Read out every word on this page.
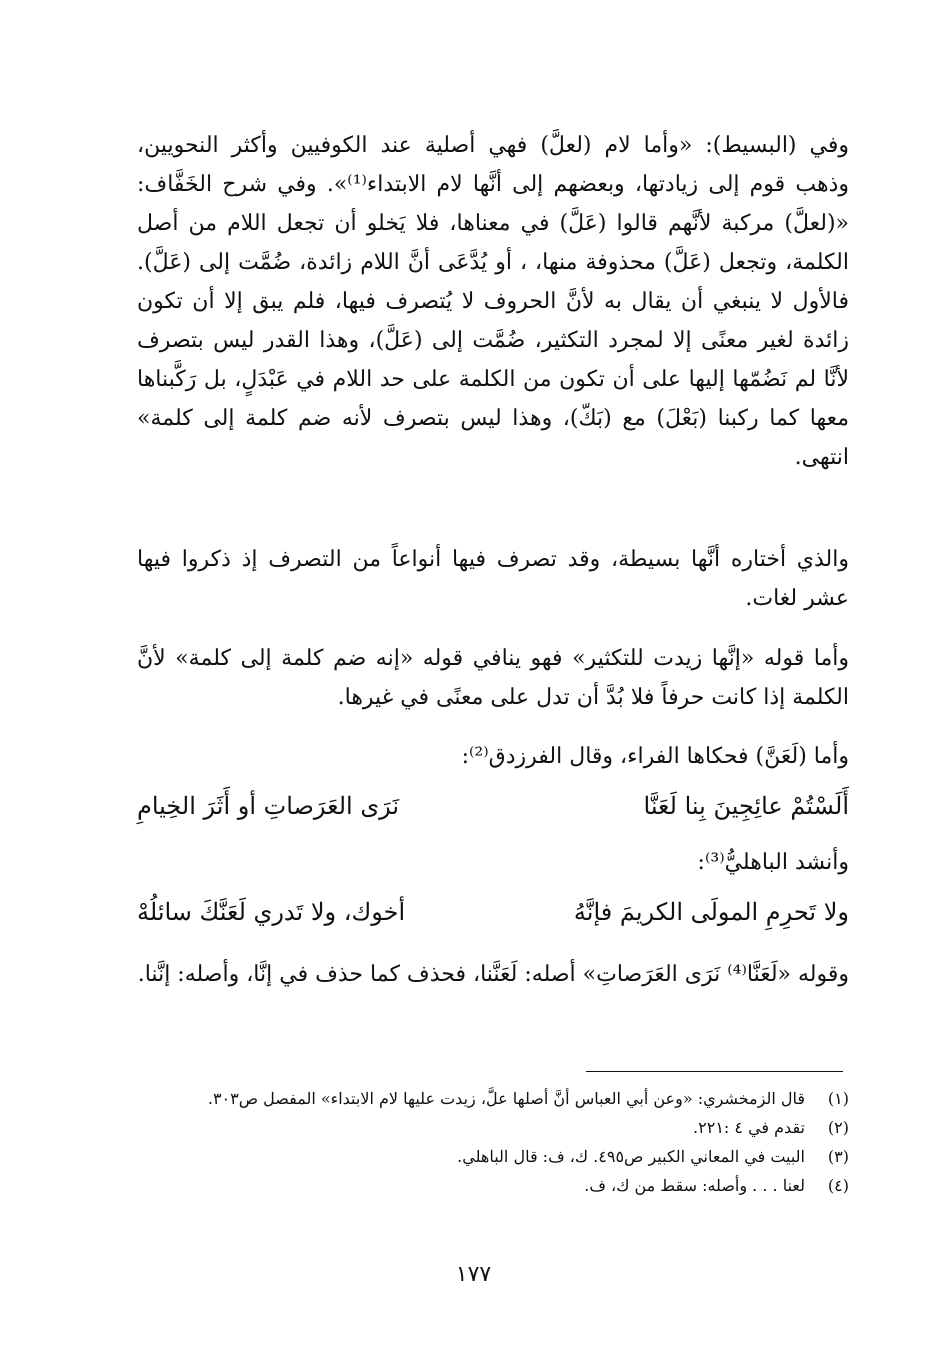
وفي (البسيط): «وأما لام (لعلَّ) فهي أصلية عند الكوفيين وأكثر النحويين، وذهب قوم إلى زيادتها، وبعضهم إلى أنَّها لام الابتداء⁽¹⁾». وفي شرح الخَفَّاف: «(لعلَّ) مركبة لأنَّهم قالوا (عَلَّ) في معناها، فلا يَخلو أن تجعل اللام من أصل الكلمة، وتجعل (عَلَّ) محذوفة منها، ، أو يُدَّعَى أنَّ اللام زائدة، ضُمَّت إلى (عَلَّ). فالأول لا ينبغي أن يقال به لأنَّ الحروف لا يُتصرف فيها، فلم يبق إلا أن تكون زائدة لغير معنًى إلا لمجرد التكثير، ضُمَّت إلى (عَلَّ)، وهذا القدر ليس بتصرف لأنَّا لم نَضُمّها إليها على أن تكون من الكلمة على حد اللام في عَبْدَلٍ، بل رَكَّبناها معها كما ركبنا (بَعْلَ) مع (بَكّ)، وهذا ليس بتصرف لأنه ضم كلمة إلى كلمة» انتهى.
والذي أختاره أنَّها بسيطة، وقد تصرف فيها أنواعاً من التصرف إذ ذكروا فيها عشر لغات.
وأما قوله «إنَّها زيدت للتكثير» فهو ينافي قوله «إنه ضم كلمة إلى كلمة» لأنَّ الكلمة إذا كانت حرفاً فلا بُدَّ أن تدل على معنًى في غيرها.
وأما (لَعَنَّ) فحكاها الفراء، وقال الفرزدق⁽²⁾:
أَلَسْتُمْ عائِجِينَ بِنا لَعَنَّا
نَرَى العَرَصاتِ أو أَثَرَ الخِيامِ
وأنشد الباهليُّ⁽³⁾:
ولا تَحرِمِ المولَى الكريمَ فإنَّهُ
أخوك، ولا تَدري لَعَنَّكَ سائلُهْ
وقوله «لَعَنَّا⁽⁴⁾ نَرَى العَرَصاتِ» أصله: لَعَنَّنا، فحذف كما حذف في إنَّا، وأصله: إنَّنا.
(١)
قال الزمخشري: «وعن أبي العباس أنَّ أصلها علَّ، زيدت عليها لام الابتداء» المفصل ص٣٠٣.
(٢)
تقدم في ٤ :٢٢١.
(٣)
البيت في المعاني الكبير ص٤٩٥. ك، ف: قال الباهلي.
(٤)
لعنا . . . وأصله: سقط من ك، ف.
١٧٧
